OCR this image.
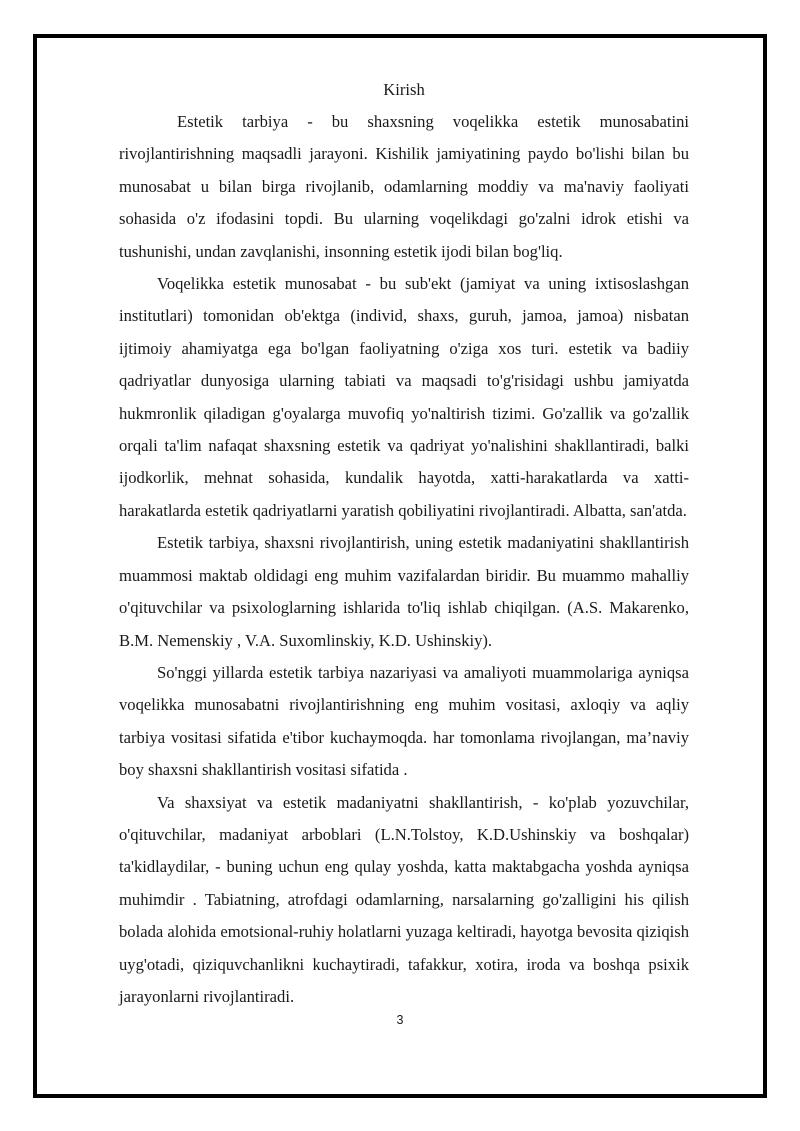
Kirish

Estetik tarbiya - bu shaxsning voqelikka estetik munosabatini rivojlantirishning maqsadli jarayoni. Kishilik jamiyatining paydo bo'lishi bilan bu munosabat u bilan birga rivojlanib, odamlarning moddiy va ma'naviy faoliyati sohasida o'z ifodasini topdi. Bu ularning voqelikdagi go'zalni idrok etishi va tushunishi, undan zavqlanishi, insonning estetik ijodi bilan bog'liq.

Voqelikka estetik munosabat - bu sub'ekt (jamiyat va uning ixtisoslashgan institutlari) tomonidan ob'ektga (individ, shaxs, guruh, jamoa, jamoa) nisbatan ijtimoiy ahamiyatga ega bo'lgan faoliyatning o'ziga xos turi. estetik va badiiy qadriyatlar dunyosiga ularning tabiati va maqsadi to'g'risidagi ushbu jamiyatda hukmronlik qiladigan g'oyalarga muvofiq yo'naltirish tizimi. Go'zallik va go'zallik orqali ta'lim nafaqat shaxsning estetik va qadriyat yo'nalishini shakllantiradi, balki ijodkorlik, mehnat sohasida, kundalik hayotda, xatti-harakatlarda va xatti-harakatlarda estetik qadriyatlarni yaratish qobiliyatini rivojlantiradi. Albatta, san'atda.

Estetik tarbiya, shaxsni rivojlantirish, uning estetik madaniyatini shakllantirish muammosi maktab oldidagi eng muhim vazifalardan biridir. Bu muammo mahalliy o'qituvchilar va psixologlarning ishlarida to'liq ishlab chiqilgan. (A.S. Makarenko, B.M. Nemenskiy , V.A. Suxomlinskiy, K.D. Ushinskiy).

So'nggi yillarda estetik tarbiya nazariyasi va amaliyoti muammolariga ayniqsa voqelikka munosabatni rivojlantirishning eng muhim vositasi, axloqiy va aqliy tarbiya vositasi sifatida e'tibor kuchaymoqda. har tomonlama rivojlangan, ma’naviy boy shaxsni shakllantirish vositasi sifatida .

Va shaxsiyat va estetik madaniyatni shakllantirish, - ko'plab yozuvchilar, o'qituvchilar, madaniyat arboblari (L.N.Tolstoy, K.D.Ushinskiy va boshqalar) ta'kidlaydilar, - buning uchun eng qulay yoshda, katta maktabgacha yoshda ayniqsa muhimdir . Tabiatning, atrofdagi odamlarning, narsalarning go'zalligini his qilish bolada alohida emotsional-ruhiy holatlarni yuzaga keltiradi, hayotga bevosita qiziqish uyg'otadi, qiziquvchanlikni kuchaytiradi, tafakkur, xotira, iroda va boshqa psixik jarayonlarni rivojlantiradi.

3
